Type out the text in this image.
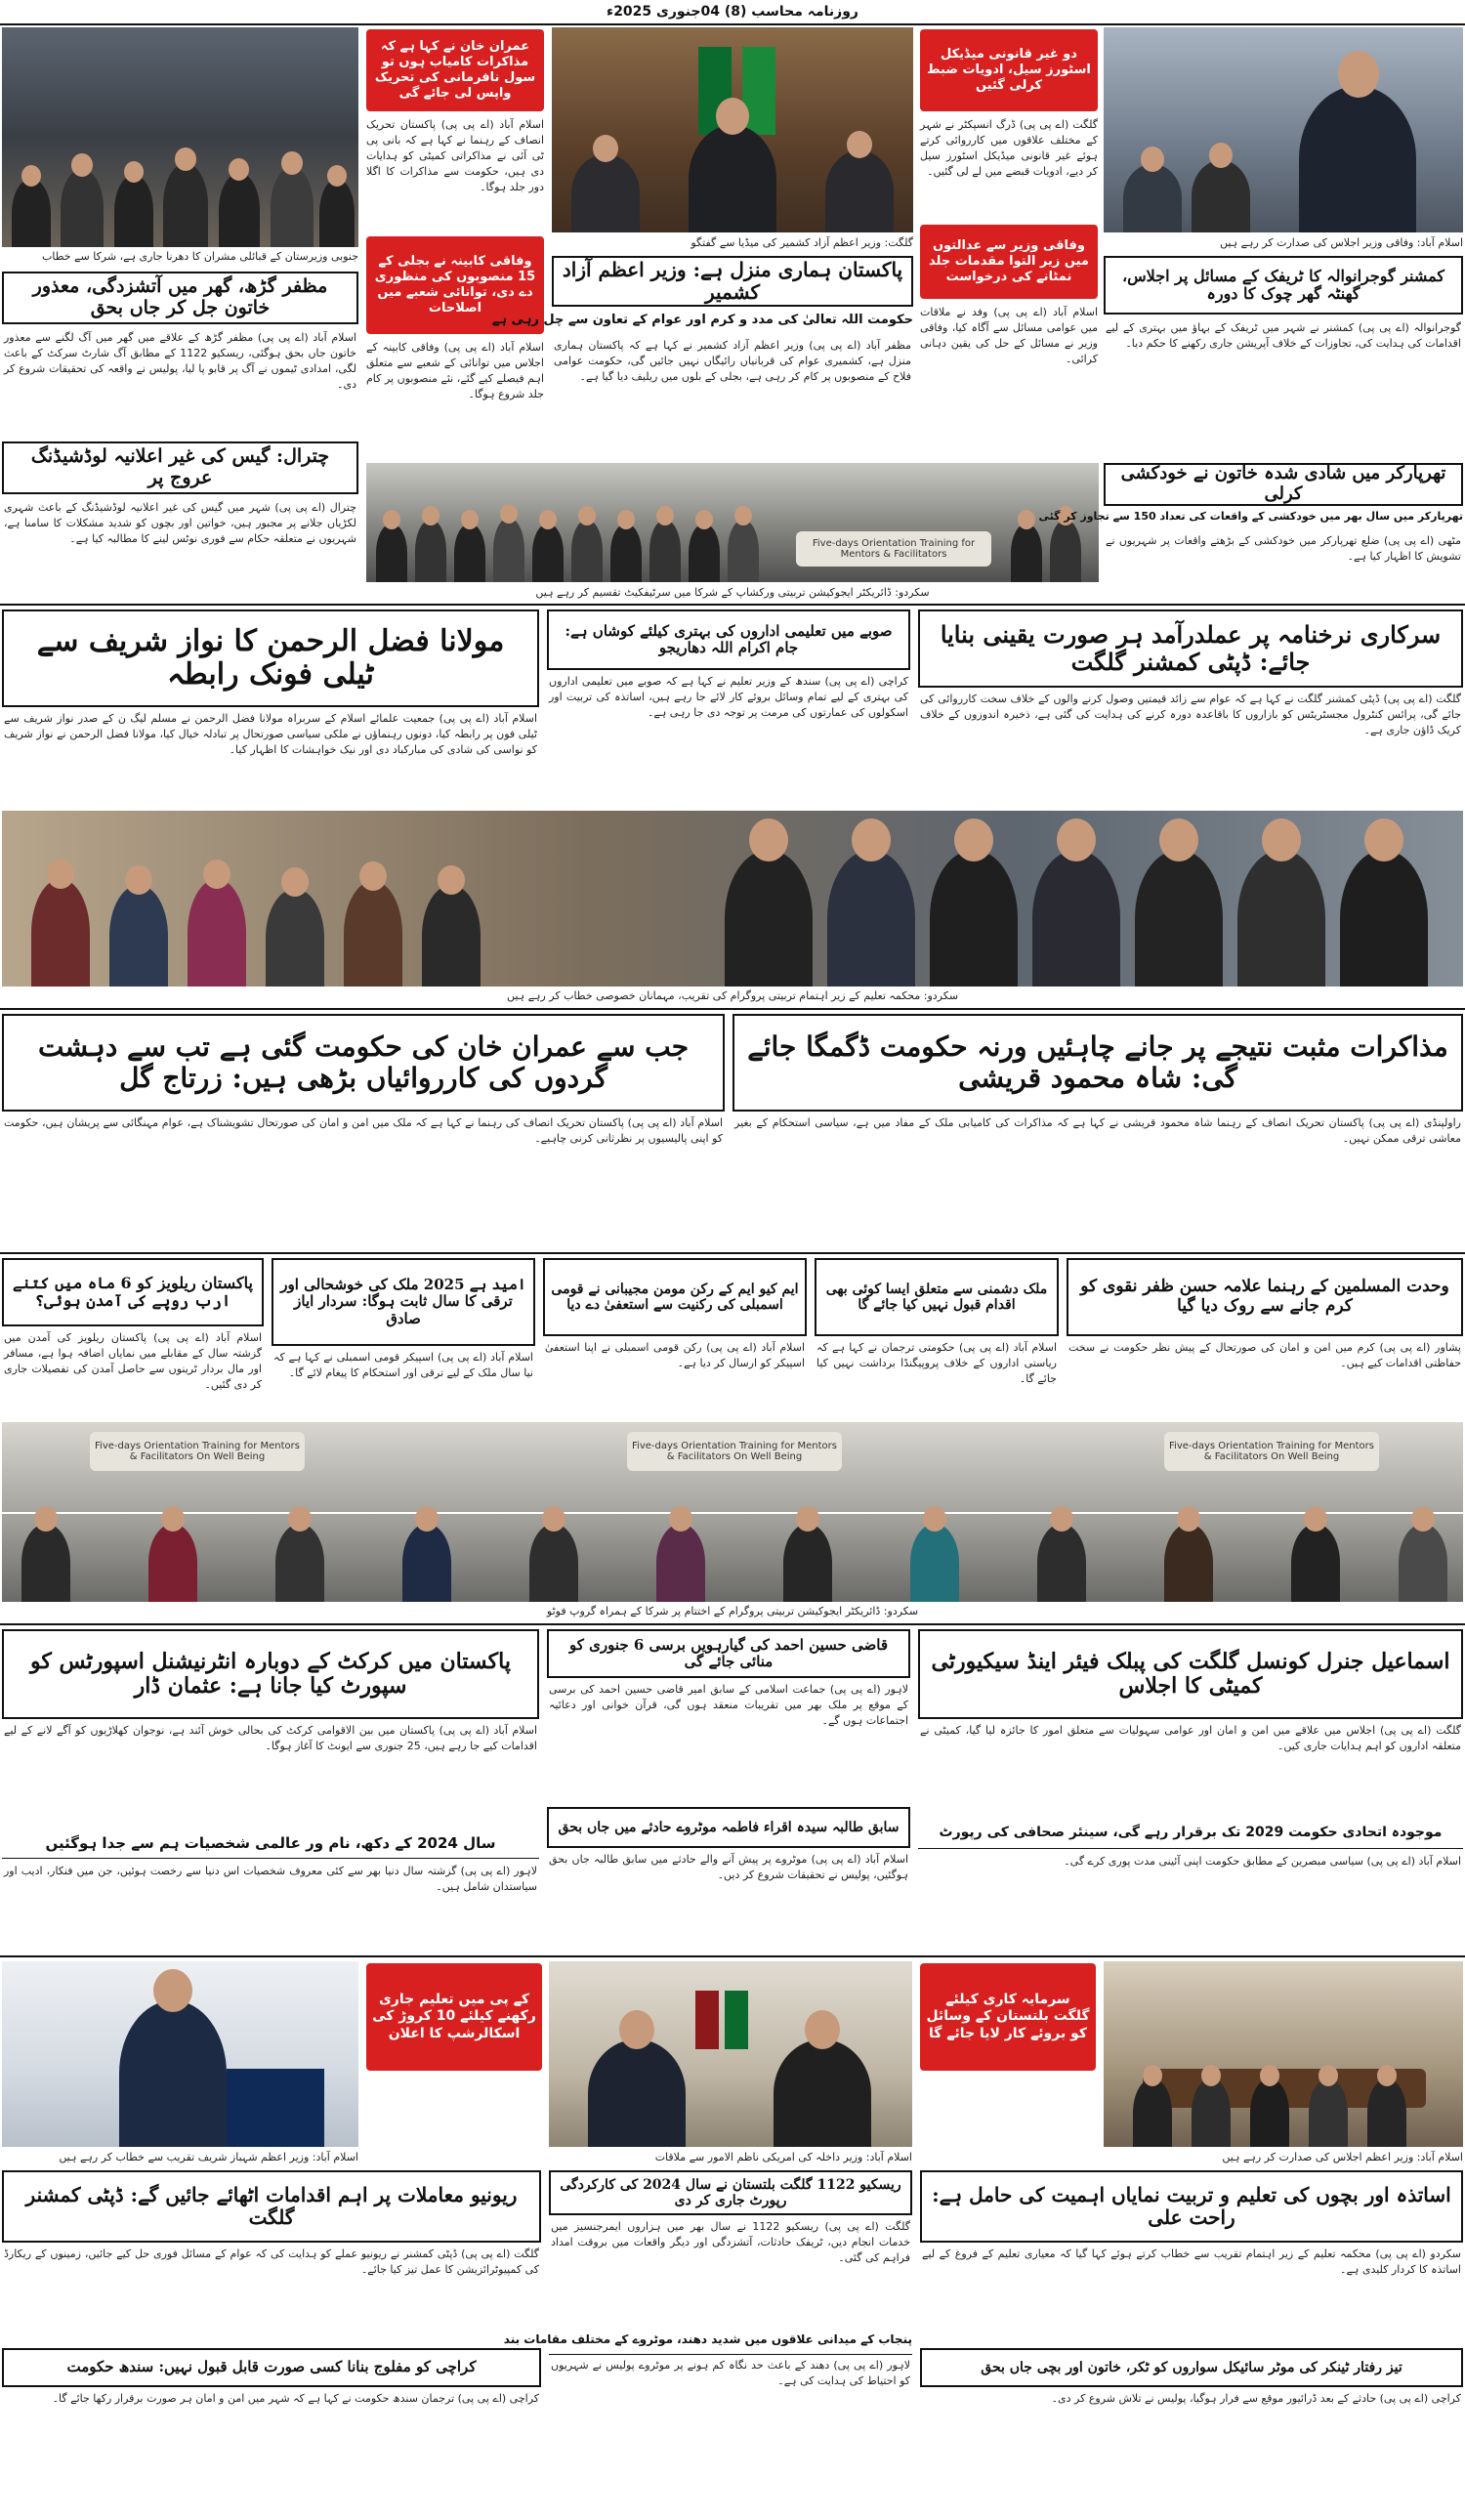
روزنامہ محاسب (8) 04جنوری 2025ء
جنوبی وزیرستان کے قبائلی مشران کا دھرنا جاری ہے، شرکا سے خطاب
مظفر گڑھ، گھر میں آتشزدگی، معذور خاتون جل کر جاں بحق
اسلام آباد (اے پی پی) مظفر گڑھ کے علاقے میں گھر میں آگ لگنے سے معذور خاتون جاں بحق ہوگئی، ریسکیو 1122 کے مطابق آگ شارٹ سرکٹ کے باعث لگی، امدادی ٹیموں نے آگ پر قابو پا لیا، پولیس نے واقعہ کی تحقیقات شروع کر دی۔
چترال: گیس کی غیر اعلانیہ لوڈشیڈنگ عروج پر
چترال (اے پی پی) شہر میں گیس کی غیر اعلانیہ لوڈشیڈنگ کے باعث شہری لکڑیاں جلانے پر مجبور ہیں، خواتین اور بچوں کو شدید مشکلات کا سامنا ہے، شہریوں نے متعلقہ حکام سے فوری نوٹس لینے کا مطالبہ کیا ہے۔
عمران خان نے کہا ہے کہ مذاکرات کامیاب ہوں تو سول نافرمانی کی تحریک واپس لی جائے گی
اسلام آباد (اے پی پی) پاکستان تحریک انصاف کے رہنما نے کہا ہے کہ بانی پی ٹی آئی نے مذاکراتی کمیٹی کو ہدایات دی ہیں، حکومت سے مذاکرات کا اگلا دور جلد ہوگا۔
وفاقی کابینہ نے بجلی کے 15 منصوبوں کی منظوری دے دی، توانائی شعبے میں اصلاحات
اسلام آباد (اے پی پی) وفاقی کابینہ کے اجلاس میں توانائی کے شعبے سے متعلق اہم فیصلے کیے گئے، نئے منصوبوں پر کام جلد شروع ہوگا۔
گلگت: وزیر اعظم آزاد کشمیر کی میڈیا سے گفتگو
پاکستان ہماری منزل ہے: وزیر اعظم آزاد کشمیر
حکومت اللہ تعالیٰ کی مدد و کرم اور عوام کے تعاون سے چل رہی ہے
مظفر آباد (اے پی پی) وزیر اعظم آزاد کشمیر نے کہا ہے کہ پاکستان ہماری منزل ہے، کشمیری عوام کی قربانیاں رائیگاں نہیں جائیں گی، حکومت عوامی فلاح کے منصوبوں پر کام کر رہی ہے، بجلی کے بلوں میں ریلیف دیا گیا ہے۔
دو غیر قانونی میڈیکل اسٹورز سیل، ادویات ضبط کرلی گئیں
گلگت (اے پی پی) ڈرگ انسپکٹر نے شہر کے مختلف علاقوں میں کارروائی کرتے ہوئے غیر قانونی میڈیکل اسٹورز سیل کر دیے، ادویات قبضے میں لے لی گئیں۔
وفاقی وزیر سے عدالتوں میں زیر التوا مقدمات جلد نمٹانے کی درخواست
اسلام آباد (اے پی پی) وفد نے ملاقات میں عوامی مسائل سے آگاہ کیا، وفاقی وزیر نے مسائل کے حل کی یقین دہانی کرائی۔
اسلام آباد: وفاقی وزیر اجلاس کی صدارت کر رہے ہیں
کمشنر گوجرانوالہ کا ٹریفک کے مسائل پر اجلاس، گھنٹہ گھر چوک کا دورہ
گوجرانوالہ (اے پی پی) کمشنر نے شہر میں ٹریفک کے بہاؤ میں بہتری کے لیے اقدامات کی ہدایت کی، تجاوزات کے خلاف آپریشن جاری رکھنے کا حکم دیا۔
Five-days Orientation Training for Mentors & Facilitators
سکردو: ڈائریکٹر ایجوکیشن تربیتی ورکشاپ کے شرکا میں سرٹیفکیٹ تقسیم کر رہے ہیں
تھرپارکر میں شادی شدہ خاتون نے خودکشی کرلی
تھرپارکر میں سال بھر میں خودکشی کے واقعات کی تعداد 150 سے تجاوز کر گئی
مٹھی (اے پی پی) ضلع تھرپارکر میں خودکشی کے بڑھتے واقعات پر شہریوں نے تشویش کا اظہار کیا ہے۔
مولانا فضل الرحمن کا نواز شریف سے ٹیلی فونک رابطہ
اسلام آباد (اے پی پی) جمعیت علمائے اسلام کے سربراہ مولانا فضل الرحمن نے مسلم لیگ ن کے صدر نواز شریف سے ٹیلی فون پر رابطہ کیا، دونوں رہنماؤں نے ملکی سیاسی صورتحال پر تبادلہ خیال کیا، مولانا فضل الرحمن نے نواز شریف کو نواسی کی شادی کی مبارکباد دی اور نیک خواہشات کا اظہار کیا۔
صوبے میں تعلیمی اداروں کی بہتری کیلئے کوشاں ہے: جام اکرام اللہ دھاریجو
کراچی (اے پی پی) سندھ کے وزیر تعلیم نے کہا ہے کہ صوبے میں تعلیمی اداروں کی بہتری کے لیے تمام وسائل بروئے کار لائے جا رہے ہیں، اساتذہ کی تربیت اور اسکولوں کی عمارتوں کی مرمت پر توجہ دی جا رہی ہے۔
سرکاری نرخنامہ پر عملدرآمد ہر صورت یقینی بنایا جائے: ڈپٹی کمشنر گلگت
گلگت (اے پی پی) ڈپٹی کمشنر گلگت نے کہا ہے کہ عوام سے زائد قیمتیں وصول کرنے والوں کے خلاف سخت کارروائی کی جائے گی، پرائس کنٹرول مجسٹریٹس کو بازاروں کا باقاعدہ دورہ کرنے کی ہدایت کی گئی ہے، ذخیرہ اندوزوں کے خلاف کریک ڈاؤن جاری ہے۔
سکردو: محکمہ تعلیم کے زیر اہتمام تربیتی پروگرام کی تقریب، مہمانان خصوصی خطاب کر رہے ہیں
جب سے عمران خان کی حکومت گئی ہے تب سے دہشت گردوں کی کارروائیاں بڑھی ہیں: زرتاج گل
اسلام آباد (اے پی پی) پاکستان تحریک انصاف کی رہنما نے کہا ہے کہ ملک میں امن و امان کی صورتحال تشویشناک ہے، عوام مہنگائی سے پریشان ہیں، حکومت کو اپنی پالیسیوں پر نظرثانی کرنی چاہیے۔
مذاکرات مثبت نتیجے پر جانے چاہئیں ورنہ حکومت ڈگمگا جائے گی: شاہ محمود قریشی
راولپنڈی (اے پی پی) پاکستان تحریک انصاف کے رہنما شاہ محمود قریشی نے کہا ہے کہ مذاکرات کی کامیابی ملک کے مفاد میں ہے، سیاسی استحکام کے بغیر معاشی ترقی ممکن نہیں۔
پاکستان ریلویز کو 6 ماہ میں کتنے ارب روپے کی آمدن ہوئی؟
اسلام آباد (اے پی پی) پاکستان ریلویز کی آمدن میں گزشتہ سال کے مقابلے میں نمایاں اضافہ ہوا ہے، مسافر اور مال بردار ٹرینوں سے حاصل آمدن کی تفصیلات جاری کر دی گئیں۔
امید ہے 2025 ملک کی خوشحالی اور ترقی کا سال ثابت ہوگا: سردار ایاز صادق
اسلام آباد (اے پی پی) اسپیکر قومی اسمبلی نے کہا ہے کہ نیا سال ملک کے لیے ترقی اور استحکام کا پیغام لائے گا۔
ایم کیو ایم کے رکن مومن مجیبانی نے قومی اسمبلی کی رکنیت سے استعفیٰ دے دیا
اسلام آباد (اے پی پی) رکن قومی اسمبلی نے اپنا استعفیٰ اسپیکر کو ارسال کر دیا ہے۔
ملک دشمنی سے متعلق ایسا کوئی بھی اقدام قبول نہیں کیا جائے گا
اسلام آباد (اے پی پی) حکومتی ترجمان نے کہا ہے کہ ریاستی اداروں کے خلاف پروپیگنڈا برداشت نہیں کیا جائے گا۔
وحدت المسلمین کے رہنما علامہ حسن ظفر نقوی کو کرم جانے سے روک دیا گیا
پشاور (اے پی پی) کرم میں امن و امان کی صورتحال کے پیش نظر حکومت نے سخت حفاظتی اقدامات کیے ہیں۔
Five-days Orientation Training for Mentors & Facilitators On Well Being
Five-days Orientation Training for Mentors & Facilitators On Well Being
Five-days Orientation Training for Mentors & Facilitators On Well Being
سکردو: ڈائریکٹر ایجوکیشن تربیتی پروگرام کے اختتام پر شرکا کے ہمراہ گروپ فوٹو
پاکستان میں کرکٹ کے دوبارہ انٹرنیشنل اسپورٹس کو سپورٹ کیا جانا ہے: عثمان ڈار
اسلام آباد (اے پی پی) پاکستان میں بین الاقوامی کرکٹ کی بحالی خوش آئند ہے، نوجوان کھلاڑیوں کو آگے لانے کے لیے اقدامات کیے جا رہے ہیں، 25 جنوری سے ایونٹ کا آغاز ہوگا۔
سال 2024 کے دکھ، نام ور عالمی شخصیات ہم سے جدا ہوگئیں
لاہور (اے پی پی) گزشتہ سال دنیا بھر سے کئی معروف شخصیات اس دنیا سے رخصت ہوئیں، جن میں فنکار، ادیب اور سیاستدان شامل ہیں۔
قاضی حسین احمد کی گیارہویں برسی 6 جنوری کو منائی جائے گی
لاہور (اے پی پی) جماعت اسلامی کے سابق امیر قاضی حسین احمد کی برسی کے موقع پر ملک بھر میں تقریبات منعقد ہوں گی، قرآن خوانی اور دعائیہ اجتماعات ہوں گے۔
سابق طالبہ سیدہ اقراء فاطمہ موٹروے حادثے میں جاں بحق
اسلام آباد (اے پی پی) موٹروے پر پیش آنے والے حادثے میں سابق طالبہ جاں بحق ہوگئیں، پولیس نے تحقیقات شروع کر دیں۔
اسماعیل جنرل کونسل گلگت کی پبلک فیئر اینڈ سیکیورٹی کمیٹی کا اجلاس
گلگت (اے پی پی) اجلاس میں علاقے میں امن و امان اور عوامی سہولیات سے متعلق امور کا جائزہ لیا گیا، کمیٹی نے متعلقہ اداروں کو اہم ہدایات جاری کیں۔
موجودہ اتحادی حکومت 2029 تک برقرار رہے گی، سینئر صحافی کی رپورٹ
اسلام آباد (اے پی پی) سیاسی مبصرین کے مطابق حکومت اپنی آئینی مدت پوری کرے گی۔
اسلام آباد: وزیر اعظم شہباز شریف تقریب سے خطاب کر رہے ہیں
کے پی میں تعلیم جاری رکھنے کیلئے 10 کروڑ کی اسکالرشپ کا اعلان
اسلام آباد: وزیر داخلہ کی امریکی ناظم الامور سے ملاقات
سرمایہ کاری کیلئے گلگت بلتستان کے وسائل کو بروئے کار لایا جائے گا
اسلام آباد: وزیر اعظم اجلاس کی صدارت کر رہے ہیں
ریسکیو 1122 گلگت بلتستان نے سال 2024 کی کارکردگی رپورٹ جاری کر دی
گلگت (اے پی پی) ریسکیو 1122 نے سال بھر میں ہزاروں ایمرجنسیز میں خدمات انجام دیں، ٹریفک حادثات، آتشزدگی اور دیگر واقعات میں بروقت امداد فراہم کی گئی۔
پنجاب کے میدانی علاقوں میں شدید دھند، موٹروے کے مختلف مقامات بند
لاہور (اے پی پی) دھند کے باعث حد نگاہ کم ہونے پر موٹروے پولیس نے شہریوں کو احتیاط کی ہدایت کی ہے۔
ریونیو معاملات پر اہم اقدامات اٹھائے جائیں گے: ڈپٹی کمشنر گلگت
گلگت (اے پی پی) ڈپٹی کمشنر نے ریونیو عملے کو ہدایت کی کہ عوام کے مسائل فوری حل کیے جائیں، زمینوں کے ریکارڈ کی کمپیوٹرائزیشن کا عمل تیز کیا جائے۔
کراچی کو مفلوج بنانا کسی صورت قابل قبول نہیں: سندھ حکومت
کراچی (اے پی پی) ترجمان سندھ حکومت نے کہا ہے کہ شہر میں امن و امان ہر صورت برقرار رکھا جائے گا۔
اساتذہ اور بچوں کی تعلیم و تربیت نمایاں اہمیت کی حامل ہے: راحت علی
سکردو (اے پی پی) محکمہ تعلیم کے زیر اہتمام تقریب سے خطاب کرتے ہوئے کہا گیا کہ معیاری تعلیم کے فروغ کے لیے اساتذہ کا کردار کلیدی ہے۔
تیز رفتار ٹینکر کی موٹر سائیکل سواروں کو ٹکر، خاتون اور بچی جاں بحق
کراچی (اے پی پی) حادثے کے بعد ڈرائیور موقع سے فرار ہوگیا، پولیس نے تلاش شروع کر دی۔
